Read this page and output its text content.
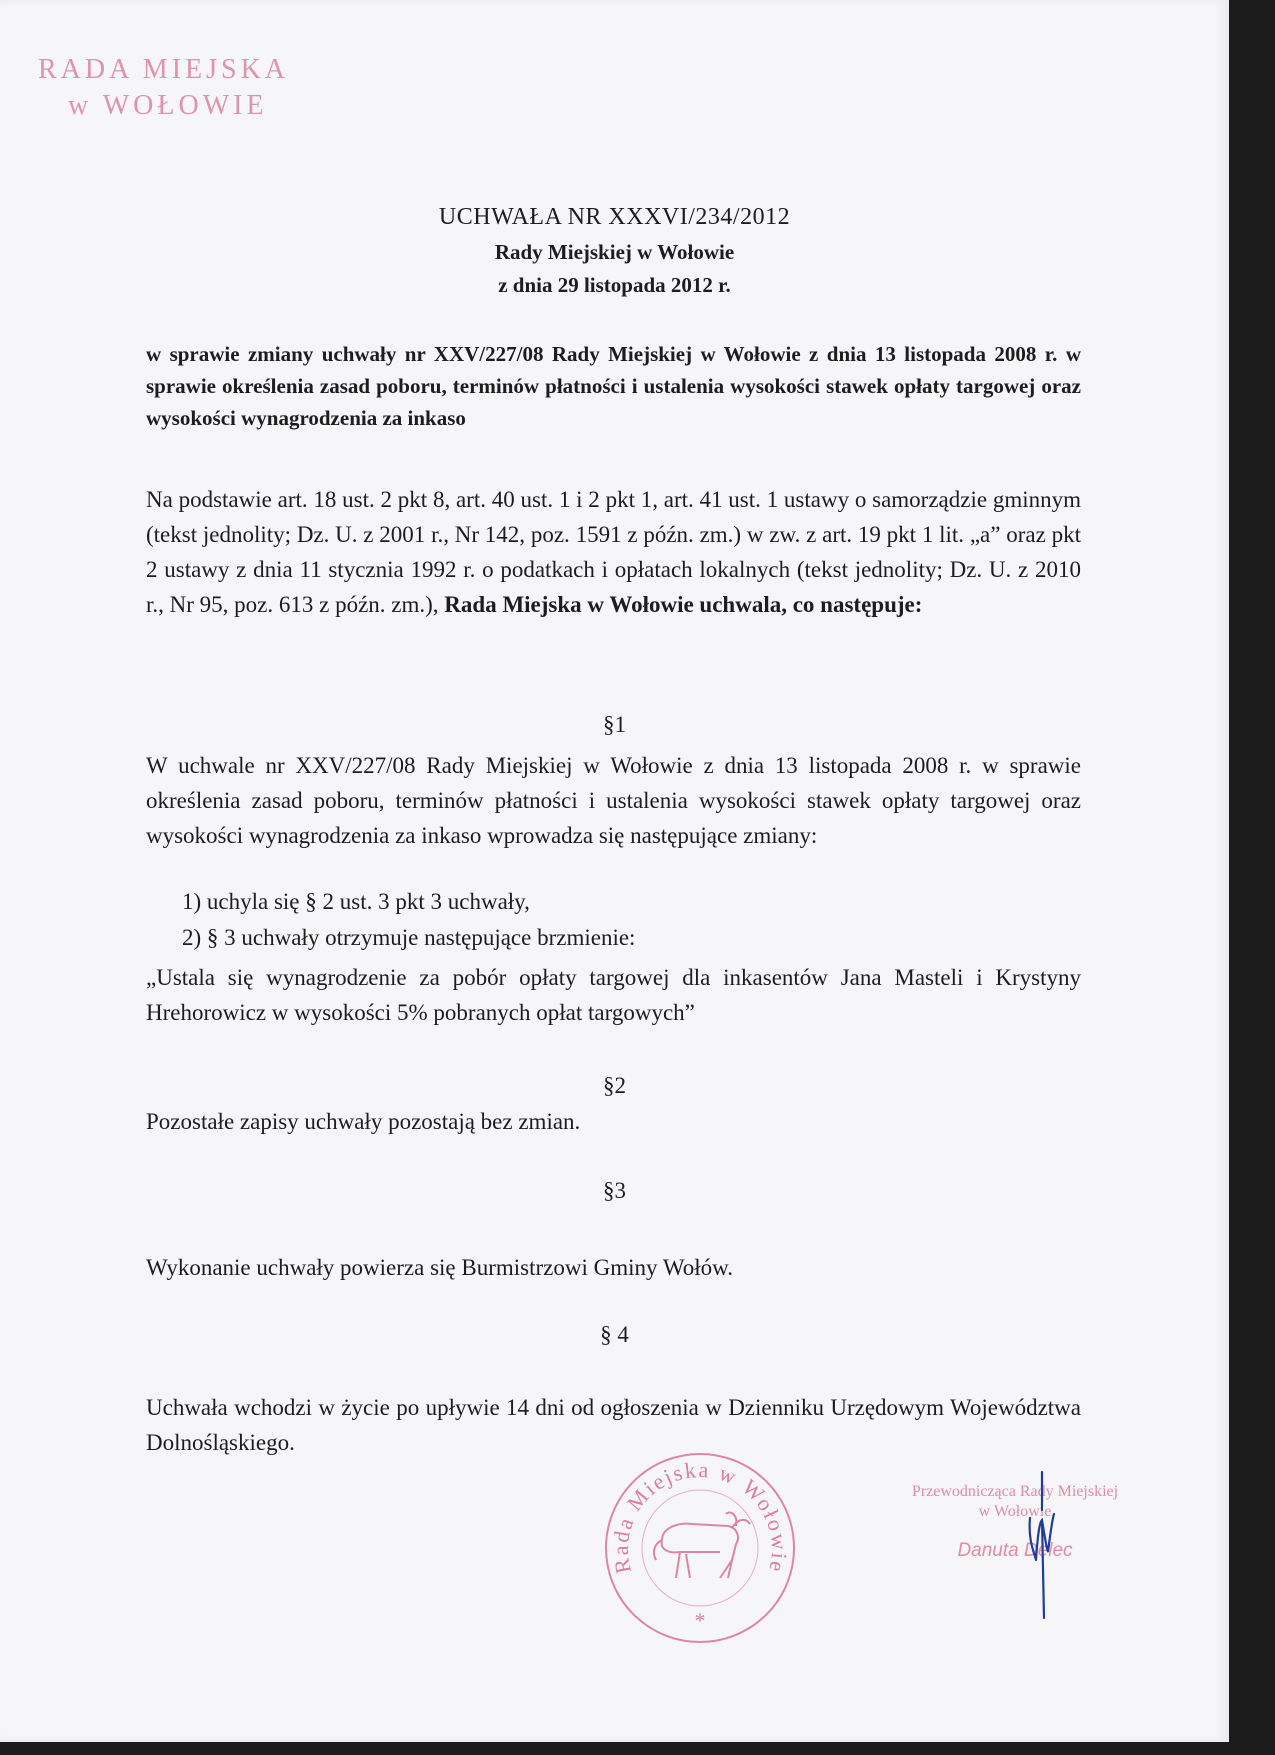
RADA MIEJSKA
w WOŁOWIE
UCHWAŁA NR XXXVI/234/2012
Rady Miejskiej w Wołowie
z dnia 29 listopada 2012 r.
w sprawie zmiany uchwały nr XXV/227/08 Rady Miejskiej w Wołowie z dnia 13 listopada 2008 r. w sprawie określenia zasad poboru, terminów płatności i ustalenia wysokości stawek opłaty targowej oraz wysokości wynagrodzenia za inkaso
Na podstawie art. 18 ust. 2 pkt 8, art. 40 ust. 1 i 2 pkt 1, art. 41 ust. 1 ustawy o samorządzie gminnym (tekst jednolity; Dz. U. z 2001 r., Nr 142, poz. 1591 z późn. zm.) w zw. z art. 19 pkt 1 lit. „a” oraz pkt 2 ustawy z dnia 11 stycznia 1992 r. o podatkach i opłatach lokalnych (tekst jednolity; Dz. U. z 2010 r., Nr 95, poz. 613 z późn. zm.), Rada Miejska w Wołowie uchwala, co następuje:
§1
W uchwale nr XXV/227/08 Rady Miejskiej w Wołowie z dnia 13 listopada 2008 r. w sprawie określenia zasad poboru, terminów płatności i ustalenia wysokości stawek opłaty targowej oraz wysokości wynagrodzenia za inkaso wprowadza się następujące zmiany:
1) uchyla się § 2 ust. 3 pkt 3 uchwały,
2) § 3 uchwały otrzymuje następujące brzmienie:
„Ustala się wynagrodzenie za pobór opłaty targowej dla inkasentów Jana Masteli i Krystyny Hrehorowicz w wysokości 5% pobranych opłat targowych”
§2
Pozostałe zapisy uchwały pozostają bez zmian.
§3
Wykonanie uchwały powierza się Burmistrzowi Gminy Wołów.
§ 4
Uchwała wchodzi w życie po upływie 14 dni od ogłoszenia w Dzienniku Urzędowym Województwa Dolnośląskiego.
Rada Miejska w Wołowie
*
Przewodnicząca Rady Miejskiej
w Wołowie
Danuta Delec
